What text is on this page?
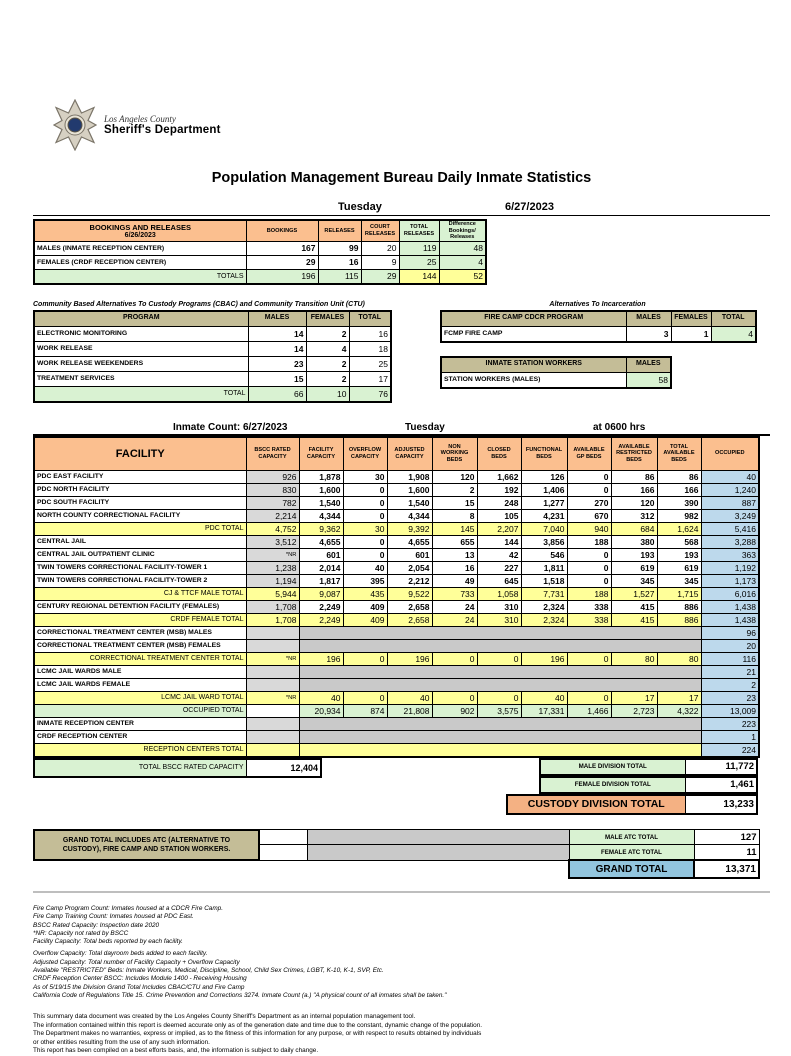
Los Angeles County
Sheriff's Department
Population Management Bureau Daily Inmate Statistics
Tuesday	6/27/2023
BOOKINGS AND RELEASES
6/26/2023	BOOKINGS	RELEASES	COURT RELEASES	TOTAL RELEASES	Difference Bookings/ Releases
MALES (INMATE RECEPTION CENTER)	167	99	20	119	48
FEMALES (CRDF RECEPTION CENTER)	29	16	9	25	4
TOTALS	196	115	29	144	52
Community Based Alternatives To Custody Programs (CBAC) and Community Transition Unit (CTU)
PROGRAM	MALES	FEMALES	TOTAL
ELECTRONIC MONITORING	14	2	16
WORK RELEASE	14	4	18
WORK RELEASE WEEKENDERS	23	2	25
TREATMENT SERVICES	15	2	17
TOTAL	66	10	76
Alternatives To Incarceration
FIRE CAMP CDCR PROGRAM	MALES	FEMALES	TOTAL
FCMP FIRE CAMP	3	1	4
INMATE STATION WORKERS	MALES
STATION WORKERS (MALES)	58
Inmate Count: 6/27/2023	Tuesday	at 0600 hrs
FACILITY	BSCC RATED CAPACITY	FACILITY CAPACITY	OVERFLOW CAPACITY	ADJUSTED CAPACITY	NON WORKING BEDS	CLOSED BEDS	FUNCTIONAL BEDS	AVAILABLE GP BEDS	AVAILABLE RESTRICTED BEDS	TOTAL AVAILABLE BEDS	OCCUPIED
PDC EAST FACILITY	926	1,878	30	1,908	120	1,662	126	0	86	86	40
PDC NORTH FACILITY	830	1,600	0	1,600	2	192	1,406	0	166	166	1,240
PDC SOUTH FACILITY	782	1,540	0	1,540	15	248	1,277	270	120	390	887
NORTH COUNTY CORRECTIONAL FACILITY	2,214	4,344	0	4,344	8	105	4,231	670	312	982	3,249
PDC TOTAL	4,752	9,362	30	9,392	145	2,207	7,040	940	684	1,624	5,416
CENTRAL JAIL	3,512	4,655	0	4,655	655	144	3,856	188	380	568	3,288
CENTRAL JAIL OUTPATIENT CLINIC	*NR	601	0	601	13	42	546	0	193	193	363
TWIN TOWERS CORRECTIONAL FACILITY-TOWER 1	1,238	2,014	40	2,054	16	227	1,811	0	619	619	1,192
TWIN TOWERS CORRECTIONAL FACILITY-TOWER 2	1,194	1,817	395	2,212	49	645	1,518	0	345	345	1,173
CJ & TTCF MALE TOTAL	5,944	9,087	435	9,522	733	1,058	7,731	188	1,527	1,715	6,016
CENTURY REGIONAL DETENTION FACILITY (FEMALES)	1,708	2,249	409	2,658	24	310	2,324	338	415	886	1,438
CRDF FEMALE TOTAL	1,708	2,249	409	2,658	24	310	2,324	338	415	886	1,438
CORRECTIONAL TREATMENT CENTER (MSB) MALES											96
CORRECTIONAL TREATMENT CENTER (MSB) FEMALES											20
CORRECTIONAL TREATMENT CENTER TOTAL	*NR	196	0	196	0	0	196	0	80	80	116
LCMC JAIL WARDS MALE											21
LCMC JAIL WARDS FEMALE											2
LCMC JAIL WARD TOTAL	*NR	40	0	40	0	0	40	0	17	17	23
OCCUPIED TOTAL		20,934	874	21,808	902	3,575	17,331	1,466	2,723	4,322	13,009
INMATE RECEPTION CENTER											223
CRDF RECEPTION CENTER											1
RECEPTION CENTERS TOTAL											224
TOTAL BSCC RATED CAPACITY	12,404	MALE DIVISION TOTAL	11,772
FEMALE DIVISION TOTAL	1,461
CUSTODY DIVISION TOTAL	13,233
GRAND TOTAL INCLUDES ATC (ALTERNATIVE TO
CUSTODY), FIRE CAMP AND STATION WORKERS.			MALE ATC TOTAL	127
			FEMALE ATC TOTAL	11
			GRAND TOTAL	13,371
Fire Camp Program Count: Inmates housed at a CDCR Fire Camp.
Fire Camp Training Count: Inmates housed at PDC East.
BSCC Rated Capacity: Inspection date 2020
*NR: Capacity not rated by BSCC
Facility Capacity: Total beds reported by each facility.
Overflow Capacity: Total dayroom beds added to each facility.
Adjusted Capacity: Total number of Facility Capacity + Overflow Capacity
Available "RESTRICTED" Beds: Inmate Workers, Medical, Discipline, School, Child Sex Crimes, LGBT, K-10, K-1, SVP, Etc.
CRDF Reception Center BSCC: Includes Module 1400 - Receiving Housing
As of 5/19/15 the Division Grand Total Includes CBAC/CTU and Fire Camp
California Code of Regulations Title 15. Crime Prevention and Corrections 3274. Inmate Count (a.) "A physical count of all inmates shall be taken."
This summary data document was created by the Los Angeles County Sheriff's Department as an internal population management tool.
The information contained within this report is deemed accurate only as of the generation date and time due to the constant, dynamic change of the population.
The Department makes no warranties, express or implied, as to the fitness of this information for any purpose, or with respect to results obtained by individuals
or other entities resulting from the use of any such information.
This report has been compiled on a best efforts basis, and, the information is subject to daily change.
